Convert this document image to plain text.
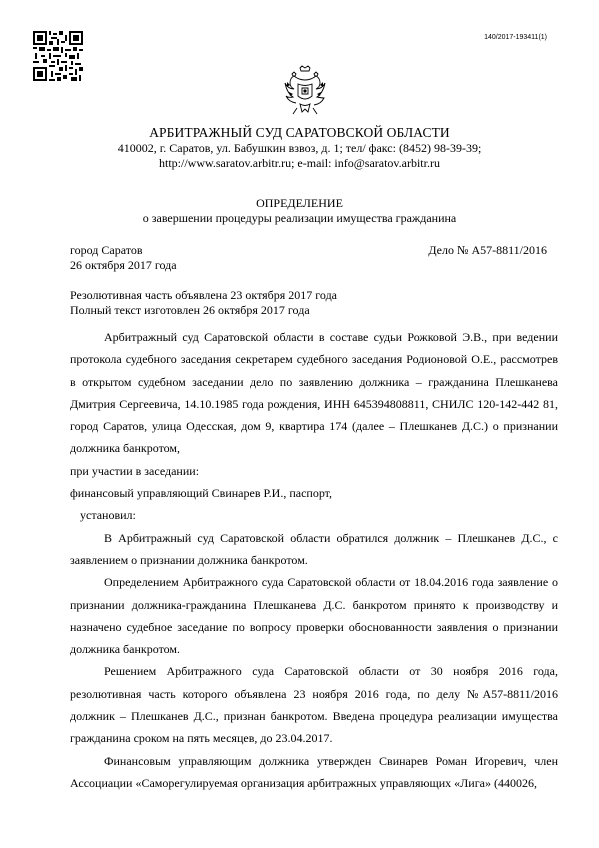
140/2017-193411(1)
АРБИТРАЖНЫЙ СУД САРАТОВСКОЙ ОБЛАСТИ
410002, г. Саратов, ул. Бабушкин взвоз, д. 1; тел/ факс: (8452) 98-39-39;
http://www.saratov.arbitr.ru; e-mail: info@saratov.arbitr.ru
ОПРЕДЕЛЕНИЕ
о завершении процедуры реализации имущества гражданина
город Саратов	Дело № А57-8811/2016
26 октября 2017 года
Резолютивная часть объявлена 23 октября 2017 года
Полный текст изготовлен 26 октября 2017 года

Арбитражный суд Саратовской области в составе судьи Рожковой Э.В., при ведении протокола судебного заседания секретарем судебного заседания Родионовой О.Е., рассмотрев в открытом судебном заседании дело по заявлению должника – гражданина Плешканева Дмитрия Сергеевича, 14.10.1985 года рождения, ИНН 645394808811, СНИЛС 120-142-442 81, город Саратов, улица Одесская, дом 9, квартира 174 (далее – Плешканев Д.С.) о признании должника банкротом,

при участии в заседании:

финансовый управляющий Свинарев Р.И., паспорт,

установил:

В Арбитражный суд Саратовской области обратился должник – Плешканев Д.С., с заявлением о признании должника банкротом.

Определением Арбитражного суда Саратовской области от 18.04.2016 года заявление о признании должника-гражданина Плешканева Д.С. банкротом принято к производству и назначено судебное заседание по вопросу проверки обоснованности заявления о признании должника банкротом.

Решением Арбитражного суда Саратовской области от 30 ноября 2016 года, резолютивная часть которого объявлена 23 ноября 2016 года, по делу №А57-8811/2016 должник – Плешканев Д.С., признан банкротом. Введена процедура реализации имущества гражданина сроком на пять месяцев, до 23.04.2017.

Финансовым управляющим должника утвержден Свинарев Роман Игоревич, член Ассоциации «Саморегулируемая организация арбитражных управляющих «Лига» (440026,
